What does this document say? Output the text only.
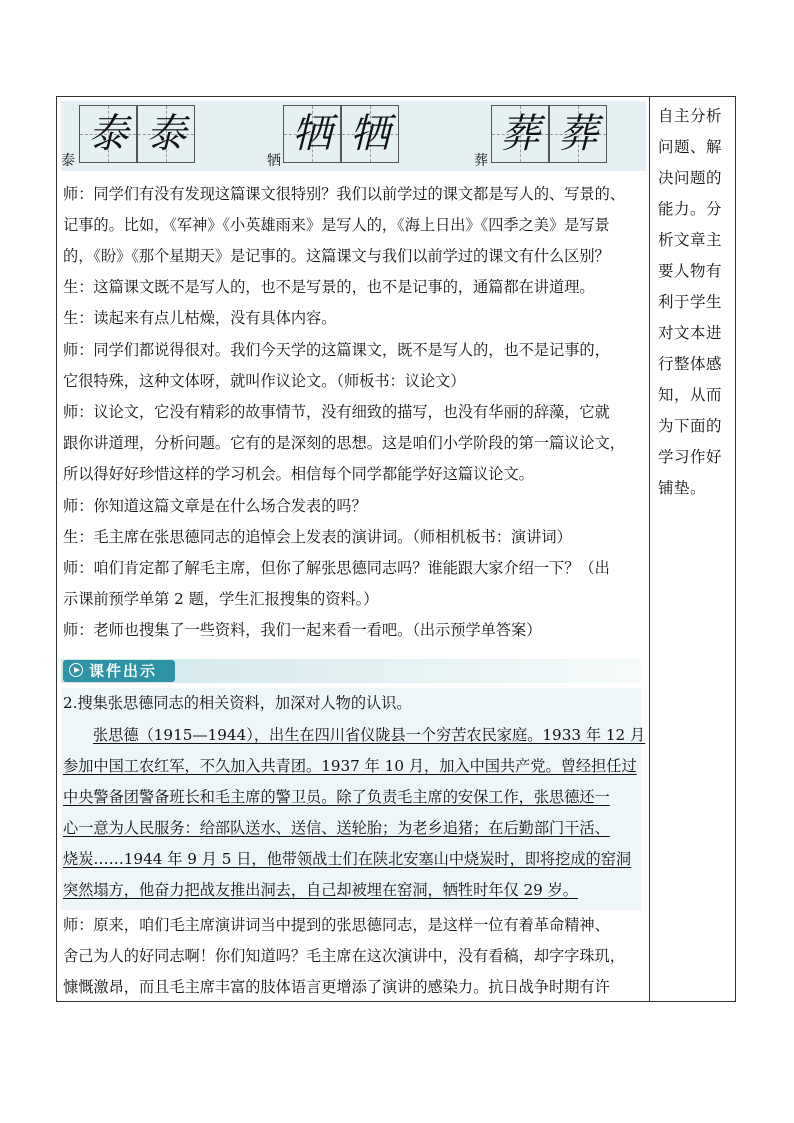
泰
泰 泰
牺
牺 牺
葬
葬 葬
师：同学们有没有发现这篇课文很特别？我们以前学过的课文都是写人的、写景的、
记事的。比如，《军神》《小英雄雨来》是写人的，《海上日出》《四季之美》是写景
的，《盼》《那个星期天》是记事的。这篇课文与我们以前学过的课文有什么区别？
生：这篇课文既不是写人的，也不是写景的，也不是记事的，通篇都在讲道理。
生：读起来有点儿枯燥，没有具体内容。
师：同学们都说得很对。我们今天学的这篇课文，既不是写人的，也不是记事的，
它很特殊，这种文体呀，就叫作议论文。（师板书：议论文）
师：议论文，它没有精彩的故事情节，没有细致的描写，也没有华丽的辞藻，它就
跟你讲道理，分析问题。它有的是深刻的思想。这是咱们小学阶段的第一篇议论文，
所以得好好珍惜这样的学习机会。相信每个同学都能学好这篇议论文。
师：你知道这篇文章是在什么场合发表的吗？
生：毛主席在张思德同志的追悼会上发表的演讲词。（师相机板书：演讲词）
师：咱们肯定都了解毛主席，但你了解张思德同志吗？谁能跟大家介绍一下？（出
示课前预学单第 2 题，学生汇报搜集的资料。）
师：老师也搜集了一些资料，我们一起来看一看吧。（出示预学单答案）
课件出示
2.搜集张思德同志的相关资料，加深对人物的认识。
张思德（1915—1944），出生在四川省仪陇县一个穷苦农民家庭。1933 年 12 月
参加中国工农红军，不久加入共青团。1937 年 10 月，加入中国共产党。曾经担任过
中央警备团警备班长和毛主席的警卫员。除了负责毛主席的安保工作，张思德还一
心一意为人民服务：给部队送水、送信、送轮胎；为老乡追猪；在后勤部门干活、
烧炭……1944 年 9 月 5 日，他带领战士们在陕北安塞山中烧炭时，即将挖成的窑洞
突然塌方，他奋力把战友推出洞去，自己却被埋在窑洞，牺牲时年仅 29 岁。
师：原来，咱们毛主席演讲词当中提到的张思德同志，是这样一位有着革命精神、
舍己为人的好同志啊！你们知道吗？毛主席在这次演讲中，没有看稿，却字字珠玑，
慷慨激昂，而且毛主席丰富的肢体语言更增添了演讲的感染力。抗日战争时期有许
自主分析
问题、解
决问题的
能力。分
析文章主
要人物有
利于学生
对文本进
行整体感
知，从而
为下面的
学习作好
铺垫。
